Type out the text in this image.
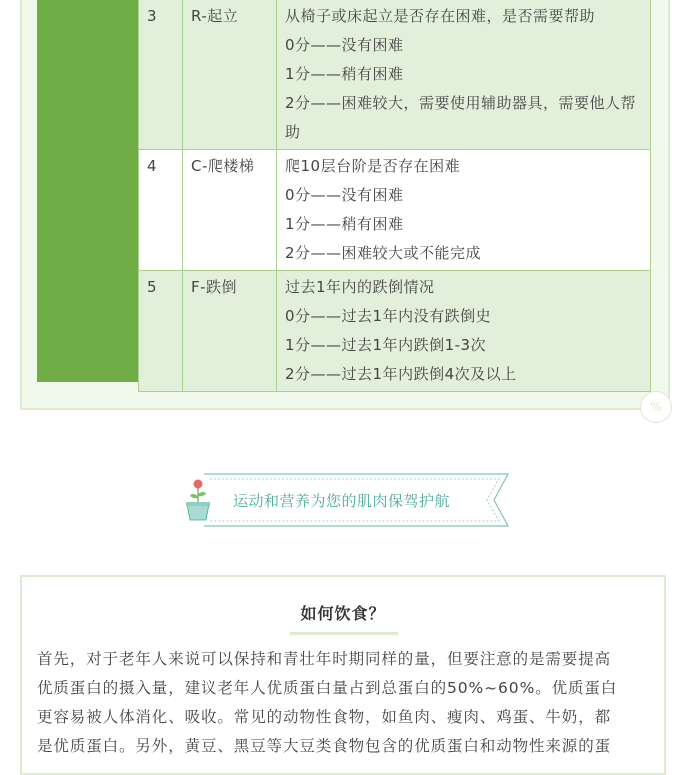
3	R-起立	从椅子或床起立是否存在困难，是否需要帮助
0分——没有困难
1分——稍有困难
2分——困难较大，需要使用辅助器具，需要他人帮助

4	C-爬楼梯	爬10层台阶是否存在困难
0分——没有困难
1分——稍有困难
2分——困难较大或不能完成

5	F-跌倒	过去1年内的跌倒情况
0分——过去1年内没有跌倒史
1分——过去1年内跌倒1-3次
2分——过去1年内跌倒4次及以上
%
运动和营养为您的肌肉保驾护航
如何饮食？
首先，对于老年人来说可以保持和青壮年时期同样的量，但要注意的是需要提高
优质蛋白的摄入量，建议老年人优质蛋白量占到总蛋白的50%~60%。优质蛋白
更容易被人体消化、吸收。常见的动物性食物，如鱼肉、瘦肉、鸡蛋、牛奶，都
是优质蛋白。另外，黄豆、黑豆等大豆类食物包含的优质蛋白和动物性来源的蛋
